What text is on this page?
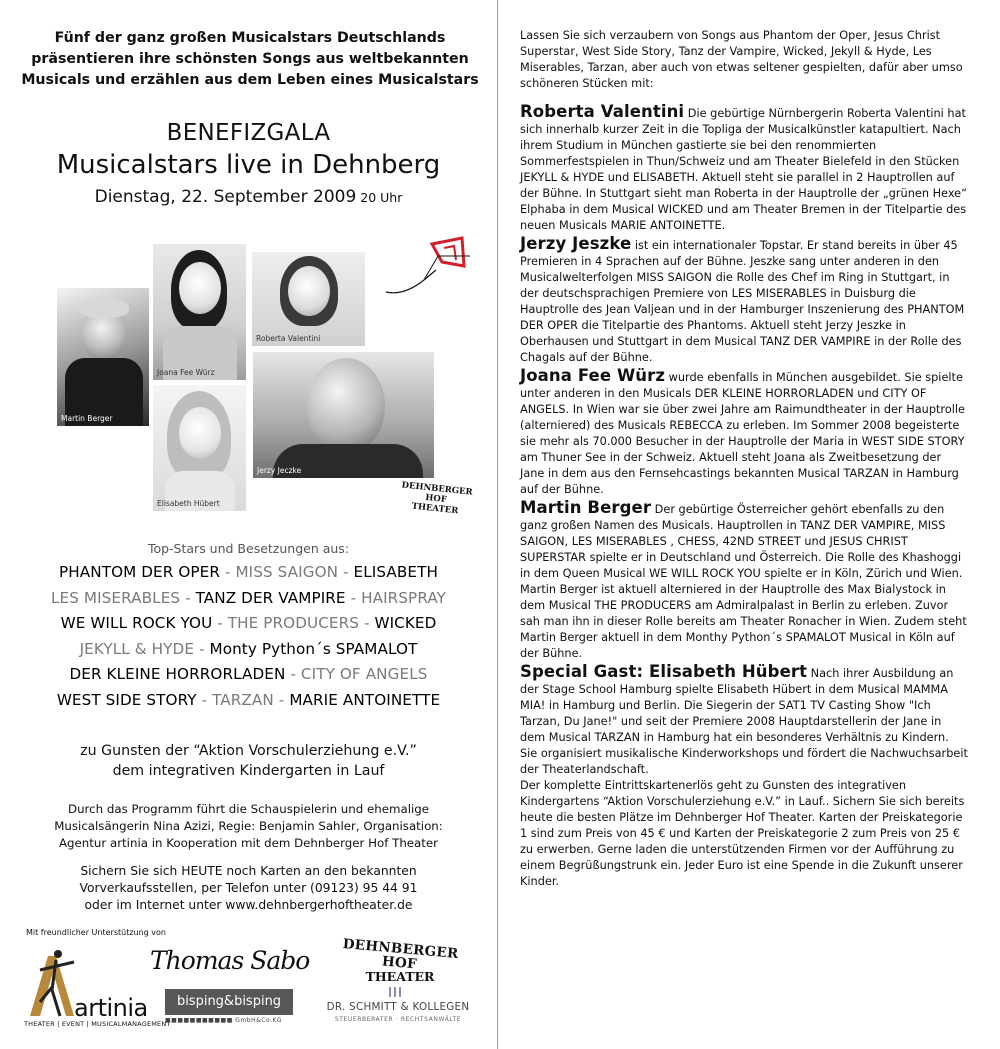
Fünf der ganz großen Musicalstars Deutschlands
präsentieren ihre schönsten Songs aus weltbekannten
Musicals und erzählen aus dem Leben eines Musicalstars
BENEFIZGALA
Musicalstars live in Dehnberg
Dienstag, 22. September 2009 20 Uhr
Martin Berger
Joana Fee Würz
Roberta Valentini
Jerzy Jeczke
Elisabeth Hübert
DEHNBERGER HOF
THEATER
Top-Stars und Besetzungen aus:
PHANTOM DER OPER - MISS SAIGON - ELISABETH
LES MISERABLES - TANZ DER VAMPIRE - HAIRSPRAY
WE WILL ROCK YOU - THE PRODUCERS - WICKED
JEKYLL & HYDE - Monty Python´s SPAMALOT
DER KLEINE HORRORLADEN - CITY OF ANGELS
WEST SIDE STORY - TARZAN - MARIE ANTOINETTE
zu Gunsten der “Aktion Vorschulerziehung e.V.”
dem integrativen Kindergarten in Lauf
Durch das Programm führt die Schauspielerin und ehemalige
Musicalsängerin Nina Azizi, Regie: Benjamin Sahler, Organisation:
Agentur artinia in Kooperation mit dem Dehnberger Hof Theater
Sichern Sie sich HEUTE noch Karten an den bekannten
Vorverkaufsstellen, per Telefon unter (09123) 95 44 91
oder im Internet unter www.dehnbergerhoftheater.de
Mit freundlicher Unterstützung von
artinia
THEATER | EVENT | MUSICALMANAGEMENT
Thomas Sabo
bisping&bisping
■■■■■■■■■■■ GmbH&Co.KG
DEHNBERGER HOF
THEATER
DR. SCHMITT & KOLLEGEN
STEUERBERATER · RECHTSANWÄLTE

Lassen Sie sich verzaubern von Songs aus Phantom der Oper, Jesus Christ Superstar, West Side Story, Tanz der Vampire, Wicked, Jekyll & Hyde, Les Miserables, Tarzan, aber auch von etwas seltener gespielten, dafür aber umso schöneren Stücken mit:

Roberta Valentini Die gebürtige Nürnbergerin Roberta Valentini hat sich innerhalb kurzer Zeit in die Topliga der Musicalkünstler katapultiert. Nach ihrem Studium in München gastierte sie bei den renommierten Sommerfestspielen in Thun/Schweiz und am Theater Bielefeld in den Stücken JEKYLL & HYDE und ELISABETH. Aktuell steht sie parallel in 2 Hauptrollen auf der Bühne. In Stuttgart sieht man Roberta in der Hauptrolle der „grünen Hexe“ Elphaba in dem Musical WICKED und am Theater Bremen in der Titelpartie des neuen Musicals MARIE ANTOINETTE.

Jerzy Jeszke ist ein internationaler Topstar. Er stand bereits in über 45 Premieren in 4 Sprachen auf der Bühne. Jeszke sang unter anderen in den Musicalwelterfolgen MISS SAIGON die Rolle des Chef im Ring in Stuttgart, in der deutschsprachigen Premiere von LES MISERABLES in Duisburg die Hauptrolle des Jean Valjean und in der Hamburger Inszenierung des PHANTOM DER OPER die Titelpartie des Phantoms. Aktuell steht Jerzy Jeszke in Oberhausen und Stuttgart in dem Musical TANZ DER VAMPIRE in der Rolle des Chagals auf der Bühne.

Joana Fee Würz wurde ebenfalls in München ausgebildet. Sie spielte unter anderen in den Musicals DER KLEINE HORRORLADEN und CITY OF ANGELS. In Wien war sie über zwei Jahre am Raimundtheater in der Hauptrolle (alterniered) des Musicals REBECCA zu erleben. Im Sommer 2008 begeisterte sie mehr als 70.000 Besucher in der Hauptrolle der Maria in WEST SIDE STORY am Thuner See in der Schweiz. Aktuell steht Joana als Zweitbesetzung der Jane in dem aus den Fernsehcastings bekannten Musical TARZAN in Hamburg auf der Bühne.

Martin Berger Der gebürtige Österreicher gehört ebenfalls zu den ganz großen Namen des Musicals. Hauptrollen in TANZ DER VAMPIRE, MISS SAIGON, LES MISERABLES , CHESS, 42ND STREET und JESUS CHRIST SUPERSTAR spielte er in Deutschland und Österreich. Die Rolle des Khashoggi in dem Queen Musical WE WILL ROCK YOU spielte er in Köln, Zürich und Wien. Martin Berger ist aktuell alterniered in der Hauptrolle des Max Bialystock in dem Musical THE PRODUCERS am Admiralpalast in Berlin zu erleben. Zuvor sah man ihn in dieser Rolle bereits am Theater Ronacher in Wien. Zudem steht Martin Berger aktuell in dem Monthy Python´s SPAMALOT Musical in Köln auf der Bühne.

Special Gast: Elisabeth Hübert Nach ihrer Ausbildung an der Stage School Hamburg spielte Elisabeth Hübert in dem Musical MAMMA MIA! in Hamburg und Berlin. Die Siegerin der SAT1 TV Casting Show "Ich Tarzan, Du Jane!" und seit der Premiere 2008 Hauptdarstellerin der Jane in dem Musical TARZAN in Hamburg hat ein besonderes Verhältnis zu Kindern. Sie organisiert musikalische Kinderworkshops und fördert die Nachwuchsarbeit der Theaterlandschaft.

Der komplette Eintrittskartenerlös geht zu Gunsten des integrativen Kindergartens “Aktion Vorschulerziehung e.V.” in Lauf.. Sichern Sie sich bereits heute die besten Plätze im Dehnberger Hof Theater. Karten der Preiskategorie 1 sind zum Preis von 45 € und Karten der Preiskategorie 2 zum Preis von 25 € zu erwerben. Gerne laden die unterstützenden Firmen vor der Aufführung zu einem Begrüßungstrunk ein. Jeder Euro ist eine Spende in die Zukunft unserer Kinder.
